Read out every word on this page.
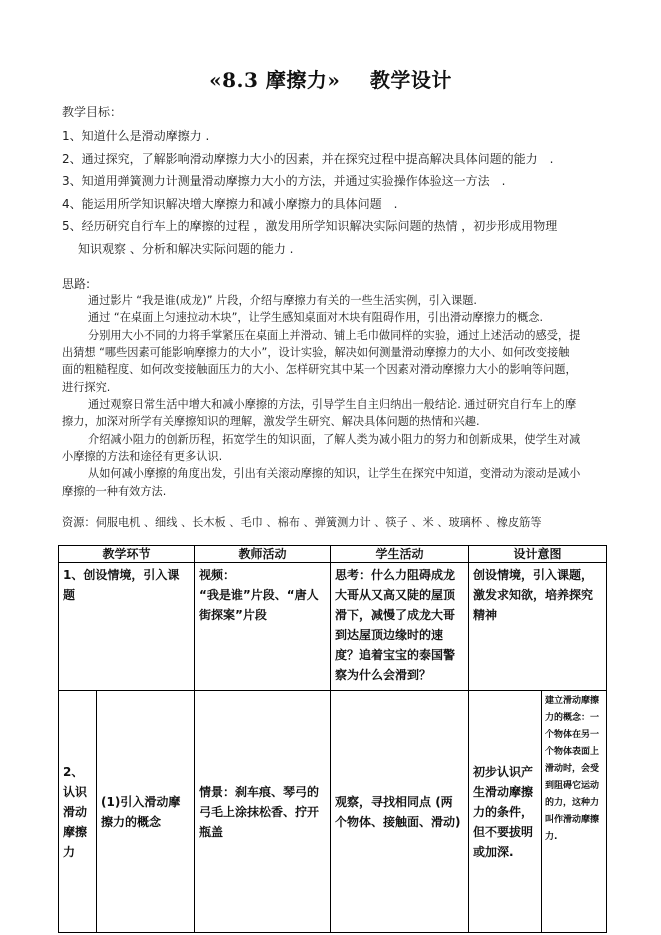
«8.3 摩擦力» 教学设计
教学目标：
1、知道什么是滑动摩擦力 .
2、通过探究，了解影响滑动摩擦力大小的因素，并在探究过程中提高解决具体问题的能力　.
3、知道用弹簧测力计测量滑动摩擦力大小的方法，并通过实验操作体验这一方法　.
4、能运用所学知识解决增大摩擦力和减小摩擦力的具体问题　.
5、经历研究自行车上的摩擦的过程 ，激发用所学知识解决实际问题的热情 ，初步形成用物理
知识观察 、分析和解决实际问题的能力 .
思路:
通过影片 “我是谁(成龙)” 片段，介绍与摩擦力有关的一些生活实例，引入课题.
通过 “在桌面上匀速拉动木块”，让学生感知桌面对木块有阻碍作用，引出滑动摩擦力的概念.
分别用大小不同的力将手掌紧压在桌面上并滑动、铺上毛巾做同样的实验，通过上述活动的感受，提
出猜想 “哪些因素可能影响摩擦力的大小”，设计实验，解决如何测量滑动摩擦力的大小、如何改变接触
面的粗糙程度、如何改变接触面压力的大小、怎样研究其中某一个因素对滑动摩擦力大小的影响等问题，
进行探究.
通过观察日常生活中增大和减小摩擦的方法，引导学生自主归纳出一般结论. 通过研究自行车上的摩
擦力，加深对所学有关摩擦知识的理解，激发学生研究、解决具体问题的热情和兴趣.
介绍减小阻力的创新历程，拓宽学生的知识面，了解人类为减小阻力的努力和创新成果，使学生对减
小摩擦的方法和途径有更多认识.
从如何减小摩擦的角度出发，引出有关滚动摩擦的知识，让学生在探究中知道，变滑动为滚动是减小
摩擦的一种有效方法.
资源：伺服电机 、细线 、长木板 、毛巾 、棉布 、弹簧测力计 、筷子 、米 、玻璃杯 、橡皮筋等
教学环节		教师活动	学生活动	设计意图	
1、创设情境，引入课题		视频：
“我是谁”片段、“唐人街探案”片段	思考：什么力阻碍成龙大哥从又高又陡的屋顶滑下，减慢了成龙大哥到达屋顶边缘时的速度？追着宝宝的泰国警察为什么会滑到？	创设情境，引入课题，激发求知欲，培养探究精神	
2、认识滑动摩擦力	(1)引入滑动摩擦力的概念	情景：刹车痕、琴弓的弓毛上涂抹松香、拧开瓶盖	观察，寻找相同点 (两个物体、接触面、滑动)	初步认识产生滑动摩擦力的条件，但不要拔明或加深.	建立滑动摩擦力的概念：一个物体在另一个物体表面上滑动时，会受到阻碍它运动的力，这种力叫作滑动摩擦力.
